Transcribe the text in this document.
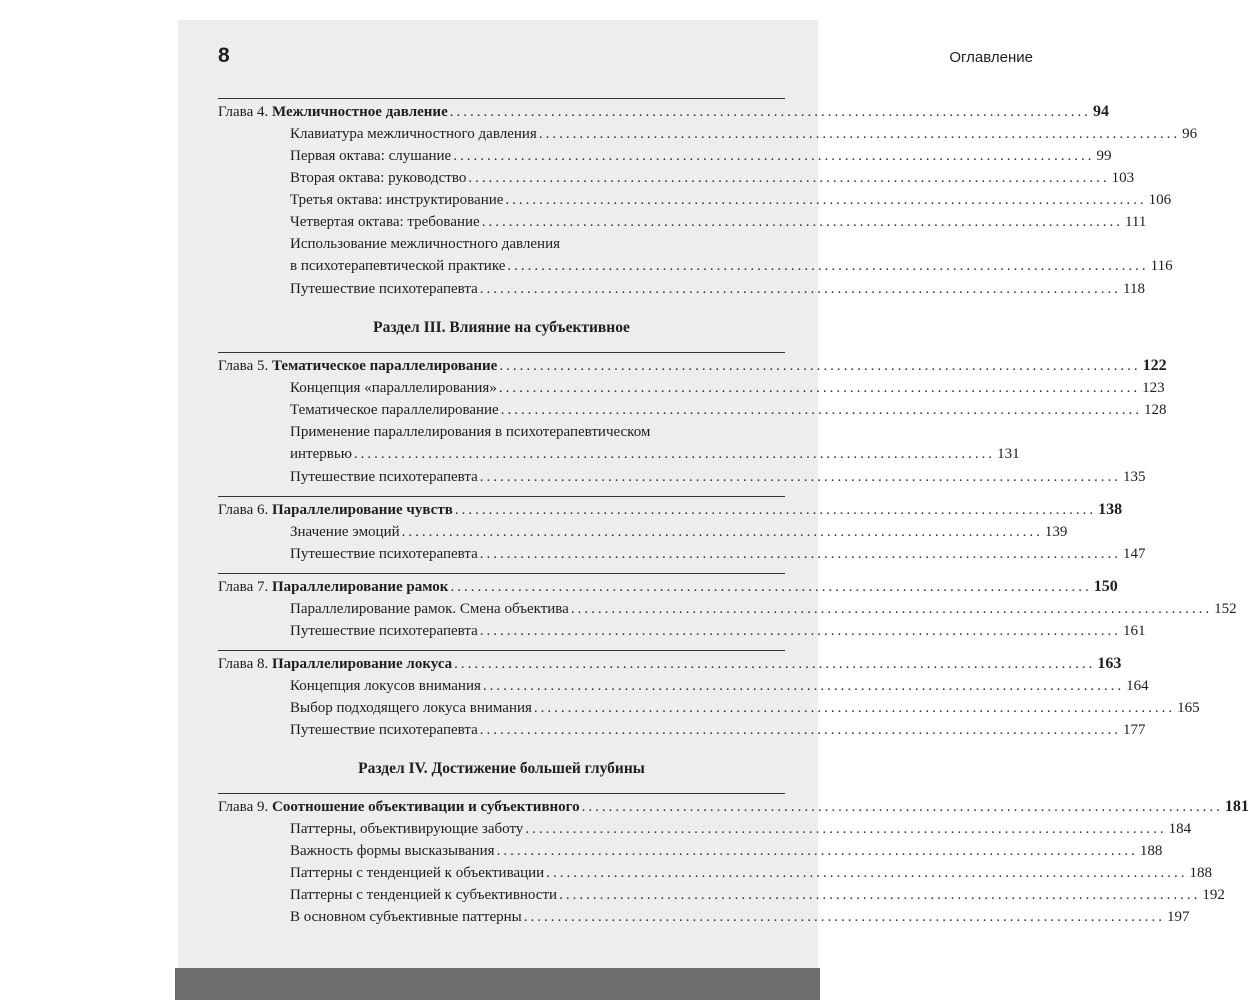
8	Оглавление
Глава 4. Межличностное давление ............................................................................................... 94
Клавиатура межличностного давления ............................................................................................... 96
Первая октава: слушание ............................................................................................... 99
Вторая октава: руководство ............................................................................................... 103
Третья октава: инструктирование ............................................................................................... 106
Четвертая октава: требование ............................................................................................... 111
Использование межличностного давления
в психотерапевтической практике ............................................................................................... 116
Путешествие психотерапевта ............................................................................................... 118
Раздел III. Влияние на субъективное
Глава 5. Тематическое параллелирование ............................................................................................... 122
Концепция «параллелирования» ............................................................................................... 123
Тематическое параллелирование ............................................................................................... 128
Применение параллелирования в психотерапевтическом
интервью ............................................................................................... 131
Путешествие психотерапевта ............................................................................................... 135
Глава 6. Параллелирование чувств ............................................................................................... 138
Значение эмоций ............................................................................................... 139
Путешествие психотерапевта ............................................................................................... 147
Глава 7. Параллелирование рамок ............................................................................................... 150
Параллелирование рамок. Смена объектива ............................................................................................... 152
Путешествие психотерапевта ............................................................................................... 161
Глава 8. Параллелирование локуса ............................................................................................... 163
Концепция локусов внимания ............................................................................................... 164
Выбор подходящего локуса внимания ............................................................................................... 165
Путешествие психотерапевта ............................................................................................... 177
Раздел IV. Достижение большей глубины
Глава 9. Соотношение объективации и субъективного ............................................................................................... 181
Паттерны, объективирующие заботу ............................................................................................... 184
Важность формы высказывания ............................................................................................... 188
Паттерны с тенденцией к объективации ............................................................................................... 188
Паттерны с тенденцией к субъективности ............................................................................................... 192
В основном субъективные паттерны ............................................................................................... 197
